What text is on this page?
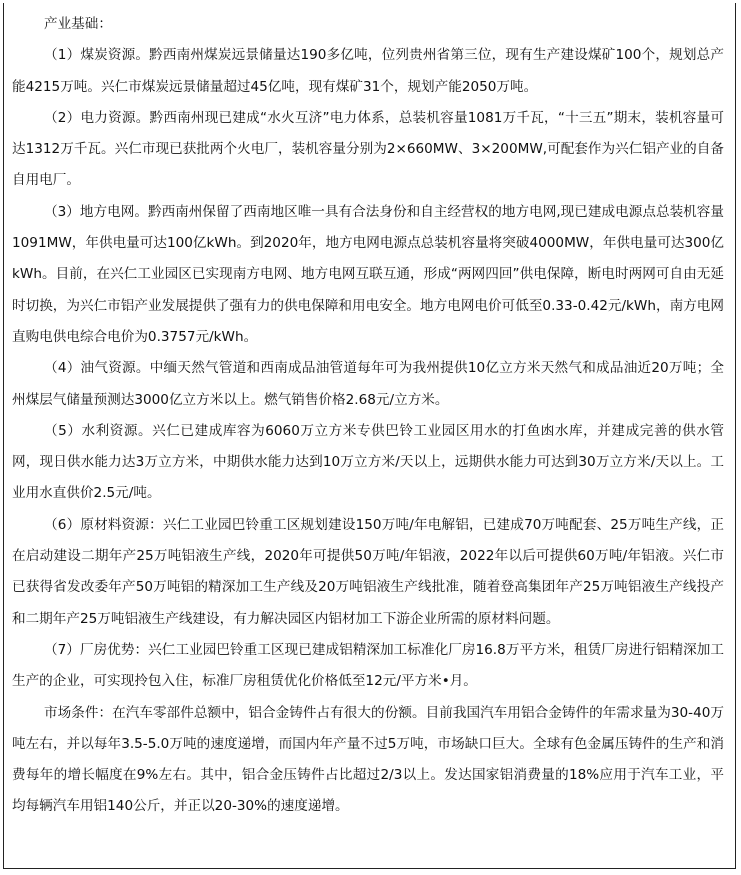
产业基础：

（1）煤炭资源。黔西南州煤炭远景储量达190多亿吨，位列贵州省第三位，现有生产建设煤矿100个，规划总产能4215万吨。兴仁市煤炭远景储量超过45亿吨，现有煤矿31个，规划产能2050万吨。

（2）电力资源。黔西南州现已建成“水火互济”电力体系，总装机容量1081万千瓦，“十三五”期末，装机容量可达1312万千瓦。兴仁市现已获批两个火电厂，装机容量分别为2×660MW、3×200MW,可配套作为兴仁铝产业的自备自用电厂。

（3）地方电网。黔西南州保留了西南地区唯一具有合法身份和自主经营权的地方电网,现已建成电源点总装机容量1091MW，年供电量可达100亿kWh。到2020年，地方电网电源点总装机容量将突破4000MW，年供电量可达300亿kWh。目前，在兴仁工业园区已实现南方电网、地方电网互联互通，形成“两网四回”供电保障，断电时两网可自由无延时切换，为兴仁市铝产业发展提供了强有力的供电保障和用电安全。地方电网电价可低至0.33-0.42元/kWh，南方电网直购电供电综合电价为0.3757元/kWh。

（4）油气资源。中缅天然气管道和西南成品油管道每年可为我州提供10亿立方米天然气和成品油近20万吨；全州煤层气储量预测达3000亿立方米以上。燃气销售价格2.68元/立方米。

（5）水利资源。兴仁已建成库容为6060万立方米专供巴铃工业园区用水的打鱼凼水库，并建成完善的供水管网，现日供水能力达3万立方米，中期供水能力达到10万立方米/天以上，远期供水能力可达到30万立方米/天以上。工业用水直供价2.5元/吨。

（6）原材料资源：兴仁工业园巴铃重工区规划建设150万吨/年电解铝，已建成70万吨配套、25万吨生产线，正在启动建设二期年产25万吨铝液生产线，2020年可提供50万吨/年铝液，2022年以后可提供60万吨/年铝液。兴仁市已获得省发改委年产50万吨铝的精深加工生产线及20万吨铝液生产线批准，随着登高集团年产25万吨铝液生产线投产和二期年产25万吨铝液生产线建设，有力解决园区内铝材加工下游企业所需的原材料问题。

（7）厂房优势：兴仁工业园巴铃重工区现已建成铝精深加工标准化厂房16.8万平方米，租赁厂房进行铝精深加工生产的企业，可实现拎包入住，标准厂房租赁优化价格低至12元/平方米•月。

市场条件：在汽车零部件总额中，铝合金铸件占有很大的份额。目前我国汽车用铝合金铸件的年需求量为30-40万吨左右，并以每年3.5-5.0万吨的速度递增，而国内年产量不过5万吨，市场缺口巨大。全球有色金属压铸件的生产和消费每年的增长幅度在9%左右。其中，铝合金压铸件占比超过2/3以上。发达国家铝消费量的18%应用于汽车工业，平均每辆汽车用铝140公斤，并正以20-30%的速度递增。
